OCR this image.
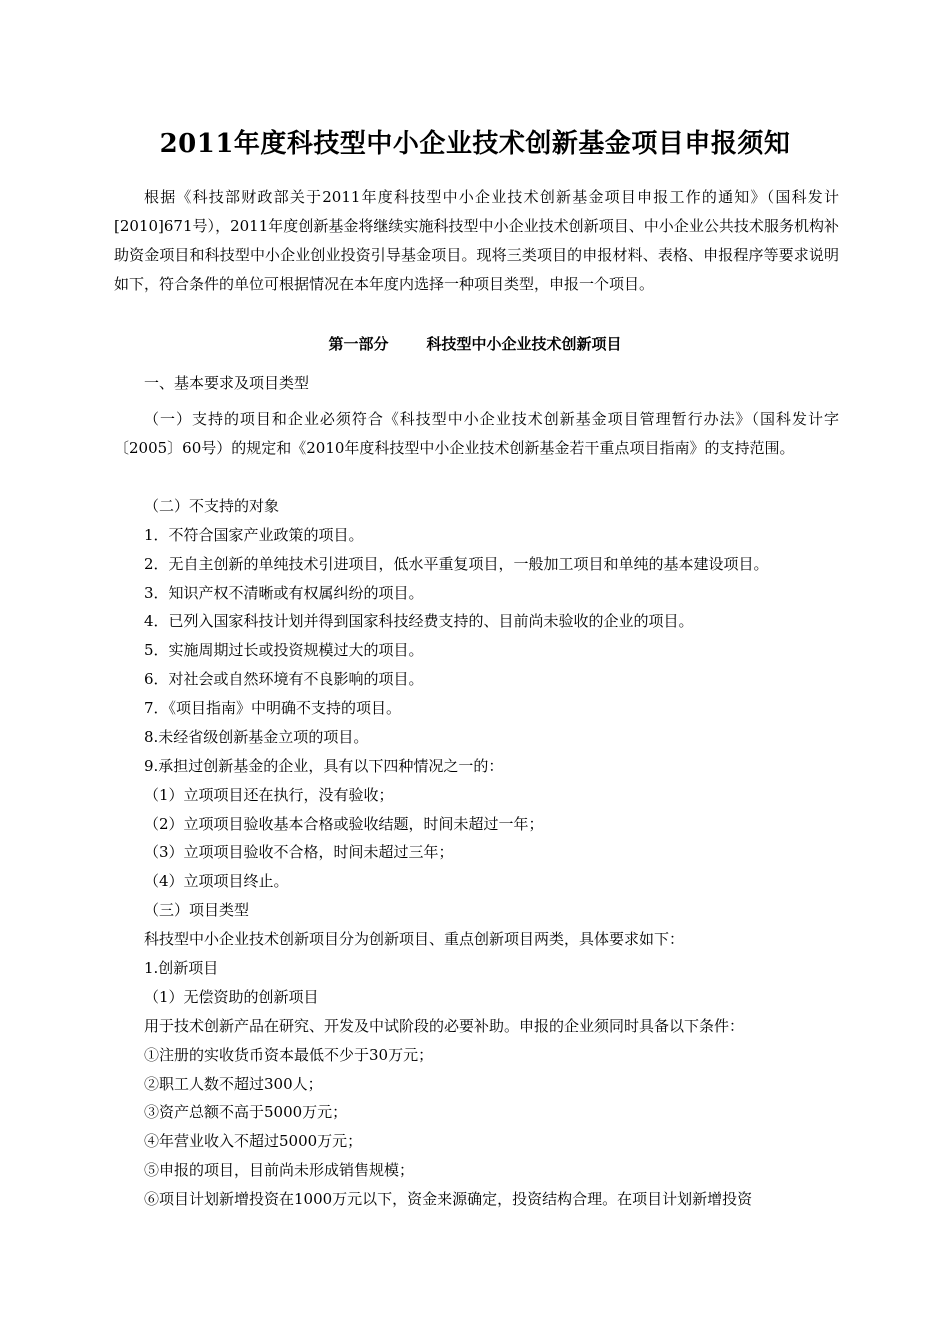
2011年度科技型中小企业技术创新基金项目申报须知
根据《科技部财政部关于2011年度科技型中小企业技术创新基金项目申报工作的通知》（国科发计[2010]671号），2011年度创新基金将继续实施科技型中小企业技术创新项目、中小企业公共技术服务机构补助资金项目和科技型中小企业创业投资引导基金项目。现将三类项目的申报材料、表格、申报程序等要求说明如下，符合条件的单位可根据情况在本年度内选择一种项目类型，申报一个项目。
第一部分	科技型中小企业技术创新项目
一、基本要求及项目类型
（一）支持的项目和企业必须符合《科技型中小企业技术创新基金项目管理暂行办法》（国科发计字〔2005〕60号）的规定和《2010年度科技型中小企业技术创新基金若干重点项目指南》的支持范围。
（二）不支持的对象
1．不符合国家产业政策的项目。
2．无自主创新的单纯技术引进项目，低水平重复项目，一般加工项目和单纯的基本建设项目。
3．知识产权不清晰或有权属纠纷的项目。
4．已列入国家科技计划并得到国家科技经费支持的、目前尚未验收的企业的项目。
5．实施周期过长或投资规模过大的项目。
6．对社会或自然环境有不良影响的项目。
7．《项目指南》中明确不支持的项目。
8.未经省级创新基金立项的项目。
9.承担过创新基金的企业，具有以下四种情况之一的：
（1）立项项目还在执行，没有验收；
（2）立项项目验收基本合格或验收结题，时间未超过一年；
（3）立项项目验收不合格，时间未超过三年；
（4）立项项目终止。
（三）项目类型
科技型中小企业技术创新项目分为创新项目、重点创新项目两类，具体要求如下：
1.创新项目
（1）无偿资助的创新项目
用于技术创新产品在研究、开发及中试阶段的必要补助。申报的企业须同时具备以下条件：
①注册的实收货币资本最低不少于30万元；
②职工人数不超过300人；
③资产总额不高于5000万元；
④年营业收入不超过5000万元；
⑤申报的项目，目前尚未形成销售规模；
⑥项目计划新增投资在1000万元以下，资金来源确定，投资结构合理。在项目计划新增投资
